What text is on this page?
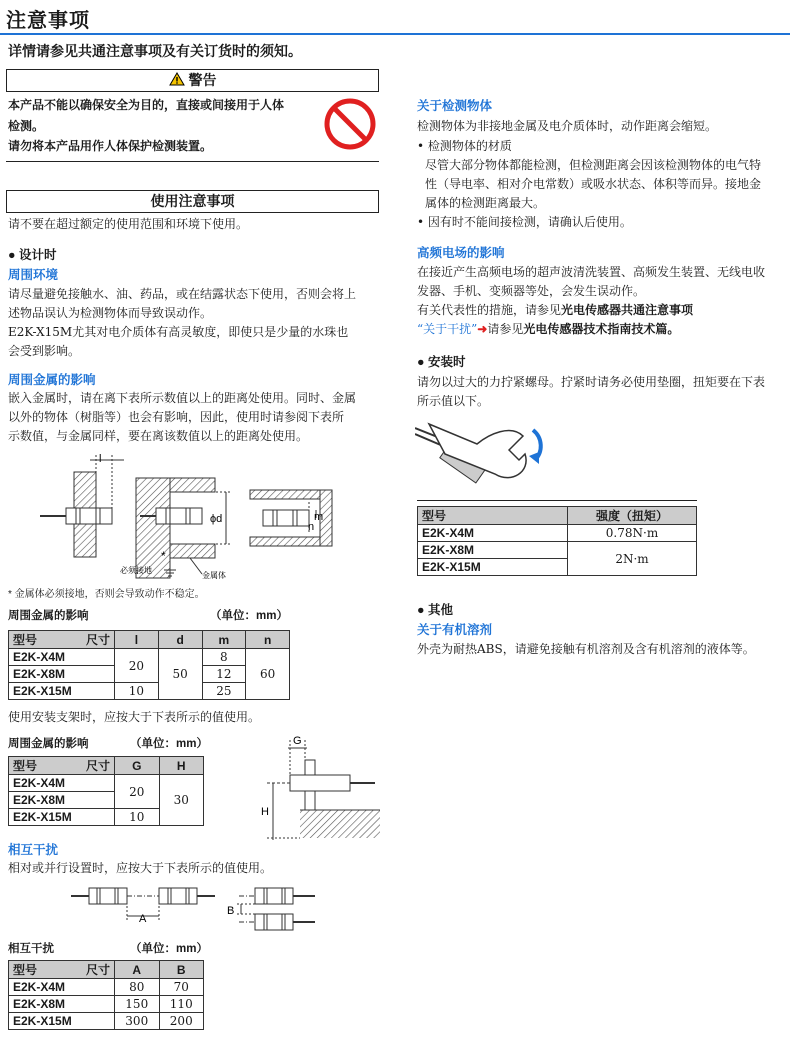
注意事项
详情请参见共通注意事项及有关订货时的须知。
警告
本产品不能以确保安全为目的，直接或间接用于人体
检测。
请勿将本产品用作人体保护检测装置。
使用注意事项
请不要在超过额定的使用范围和环境下使用。
● 设计时
周围环境
请尽量避免接触水、油、药品，或在结露状态下使用，否则会将上
述物品误认为检测物体而导致误动作。
E2K-X15M尤其对电介质体有高灵敏度，即使只是少量的水珠也
会受到影响。
周围金属的影响
嵌入金属时，请在离下表所示数值以上的距离处使用。同时、金属
以外的物体（树脂等）也会有影响，因此，使用时请参阅下表所
示数值，与金属同样，要在离该数值以上的距离处使用。
l
ϕd
*
必须接地
金属体
m
n
* 金属体必须接地，否则会导致动作不稳定。
周围金属的影响	（单位：mm）
型号 尺寸	l	d	m	n
E2K-X4M	20	50	8	60
E2K-X8M			12	
E2K-X15M	10		25	
使用安装支架时，应按大于下表所示的值使用。
周围金属的影响	（单位：mm）
型号 尺寸	G	H
E2K-X4M	20	30
E2K-X8M		
E2K-X15M	10	
G
H
相互干扰
相对或并行设置时，应按大于下表所示的值使用。
A
B
相互干扰	（单位：mm）
型号 尺寸	A	B
E2K-X4M	80	70
E2K-X8M	150	110
E2K-X15M	300	200
关于检测物体
检测物体为非接地金属及电介质体时，动作距离会缩短。
• 检测物体的材质
尽管大部分物体都能检测，但检测距离会因该检测物体的电气特
性（导电率、相对介电常数）或吸水状态、体积等而异。接地金
属体的检测距离最大。
• 因有时不能间接检测，请确认后使用。
高频电场的影响
在接近产生高频电场的超声波清洗装置、高频发生装置、无线电收
发器、手机、变频器等处，会发生误动作。
有关代表性的措施，请参见光电传感器共通注意事项
“关于干扰”➜请参见光电传感器技术指南技术篇。
● 安装时
请勿以过大的力拧紧螺母。拧紧时请务必使用垫圈，扭矩要在下表
所示值以下。
型号	强度（扭矩）
E2K-X4M	0.78N·m
E2K-X8M	2N·m
E2K-X15M	
● 其他
关于有机溶剂
外壳为耐热ABS，请避免接触有机溶剂及含有机溶剂的液体等。
